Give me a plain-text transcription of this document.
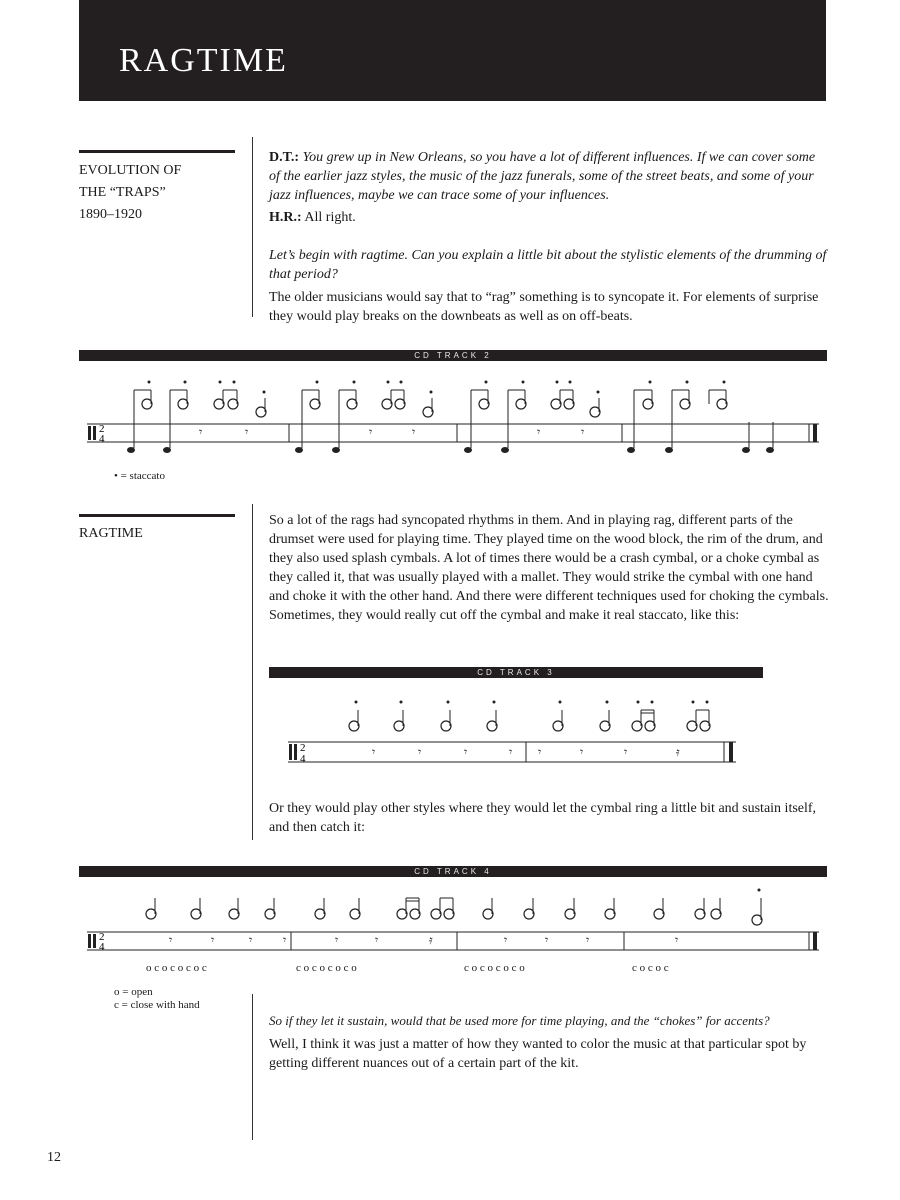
RAGTIME
EVOLUTION OF
THE “TRAPS”
1890–1920

D.T.: You grew up in New Orleans, so you have a lot of different influences. If we can cover some of the earlier jazz styles, the music of the jazz funerals, some of the street beats, and some of your jazz influences, maybe we can trace some of your influences.

H.R.: All right.

Let’s begin with ragtime. Can you explain a little bit about the stylistic elements of the drumming of that period?

The older musicians would say that to “rag” something is to syncopate it. For elements of surprise they would play breaks on the downbeats as well as on off-beats.

CD TRACK 2
2
4	𝄾	𝄾	𝄾	𝄾	𝄾	𝄾
• = staccato
RAGTIME
So a lot of the rags had syncopated rhythms in them. And in playing rag, different parts of the drumset were used for playing time. They played time on the wood block, the rim of the drum, and they also used splash cymbals. A lot of times there would be a crash cymbal, or a choke cymbal as they called it, that was usually played with a mallet. They would strike the cymbal with one hand and choke it with the other hand. And there were different techniques used for choking the cymbals. Sometimes, they would really cut off the cymbal and make it real staccato, like this:
CD TRACK 3
2
4	𝄾	𝄾	𝄾	𝄾 𝄾	𝄾	𝄾	𝄿
Or they would play other styles where they would let the cymbal ring a little bit and sustain itself, and then catch it:
CD TRACK 4
2
4	𝄾	𝄾	𝄾	𝄾	𝄾	𝄾	𝄿	𝄾	𝄾	𝄾	𝄾
o c o c o c o c	c o c o c o c o	c o c o c o c o	c o c o c
o = open
c = close with hand

So if they let it sustain, would that be used more for time playing, and the “chokes” for accents?

Well, I think it was just a matter of how they wanted to color the music at that particular spot by getting different nuances out of a certain part of the kit.

12
